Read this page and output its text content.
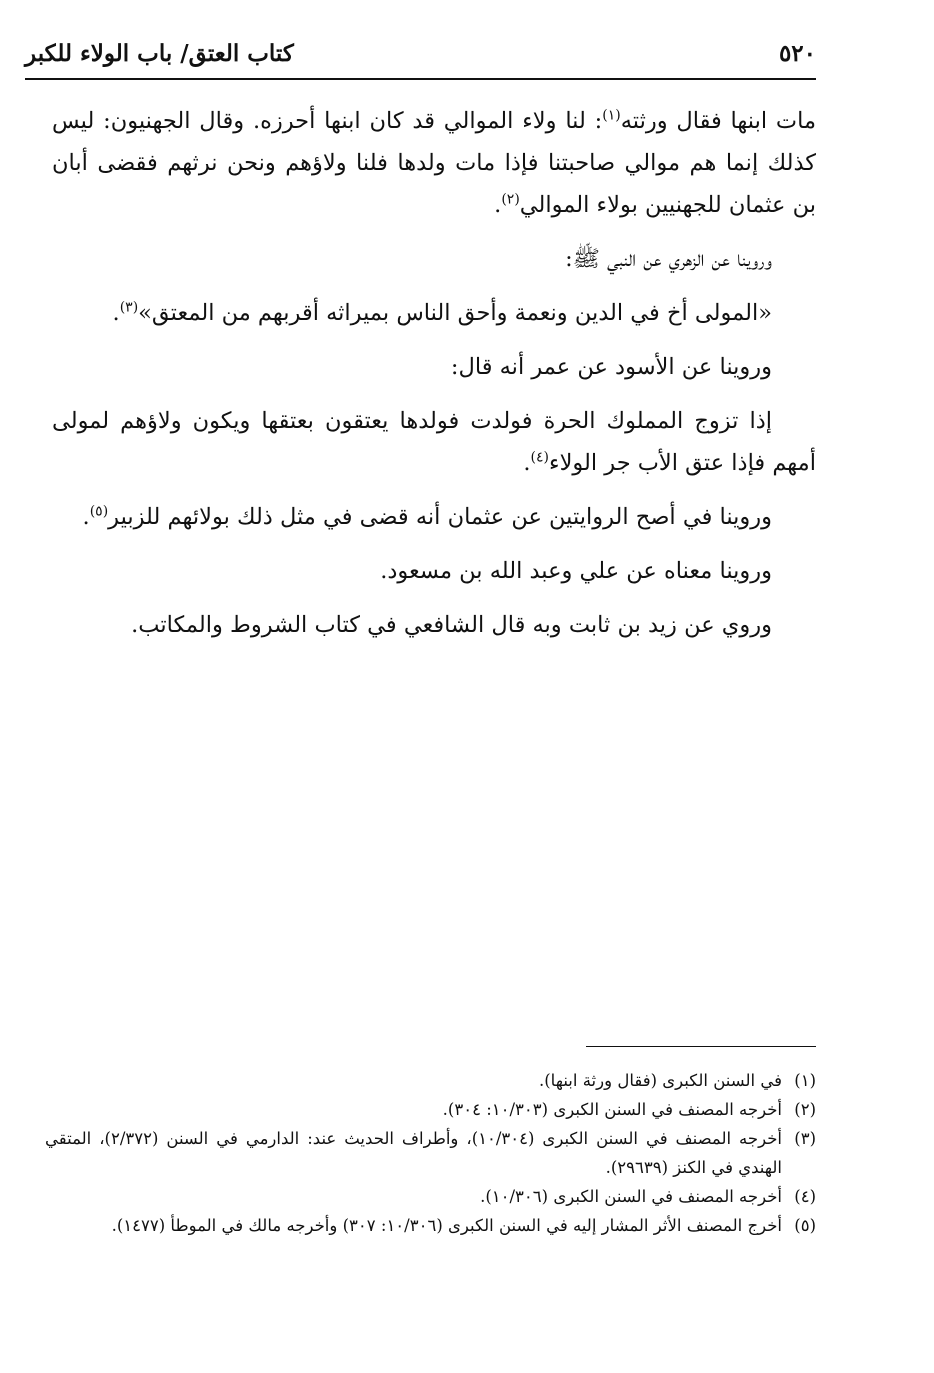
٥٢٠
كتاب العتق/ باب الولاء للكبر

مات ابنها فقال ورثته$^{(١)}$: لنا ولاء الموالي قد كان ابنها أحرزه. وقال الجهنيون: ليس كذلك إنما هم موالي صاحبتنا فإذا مات ولدها فلنا ولاؤهم ونحن نرثهم فقضى أبان بن عثمان للجهنيين بولاء الموالي$^{(٢)}$.

وروينا عن الزهري عن النبي ﷺ:

«المولى أخ في الدين ونعمة وأحق الناس بميراثه أقربهم من المعتق»$^{(٣)}$.

وروينا عن الأسود عن عمر أنه قال:

إذا تزوج المملوك الحرة فولدت فولدها يعتقون بعتقها ويكون ولاؤهم لمولى أمهم فإذا عتق الأب جر الولاء$^{(٤)}$.

وروينا في أصح الروايتين عن عثمان أنه قضى في مثل ذلك بولائهم للزبير$^{(٥)}$.

وروينا معناه عن علي وعبد الله بن مسعود.

وروي عن زيد بن ثابت وبه قال الشافعي في كتاب الشروط والمكاتب.

(١)
في السنن الكبرى (فقال ورثة ابنها).
(٢)
أخرجه المصنف في السنن الكبرى (١٠/٣٠٣: ٣٠٤).
(٣)
أخرجه المصنف في السنن الكبرى (١٠/٣٠٤)، وأطراف الحديث عند: الدارمي في السنن (٢/٣٧٢)، المتقي الهندي في الكنز (٢٩٦٣٩).
(٤)
أخرجه المصنف في السنن الكبرى (١٠/٣٠٦).
(٥)
أخرج المصنف الأثر المشار إليه في السنن الكبرى (١٠/٣٠٦: ٣٠٧) وأخرجه مالك في الموطأ (١٤٧٧).
